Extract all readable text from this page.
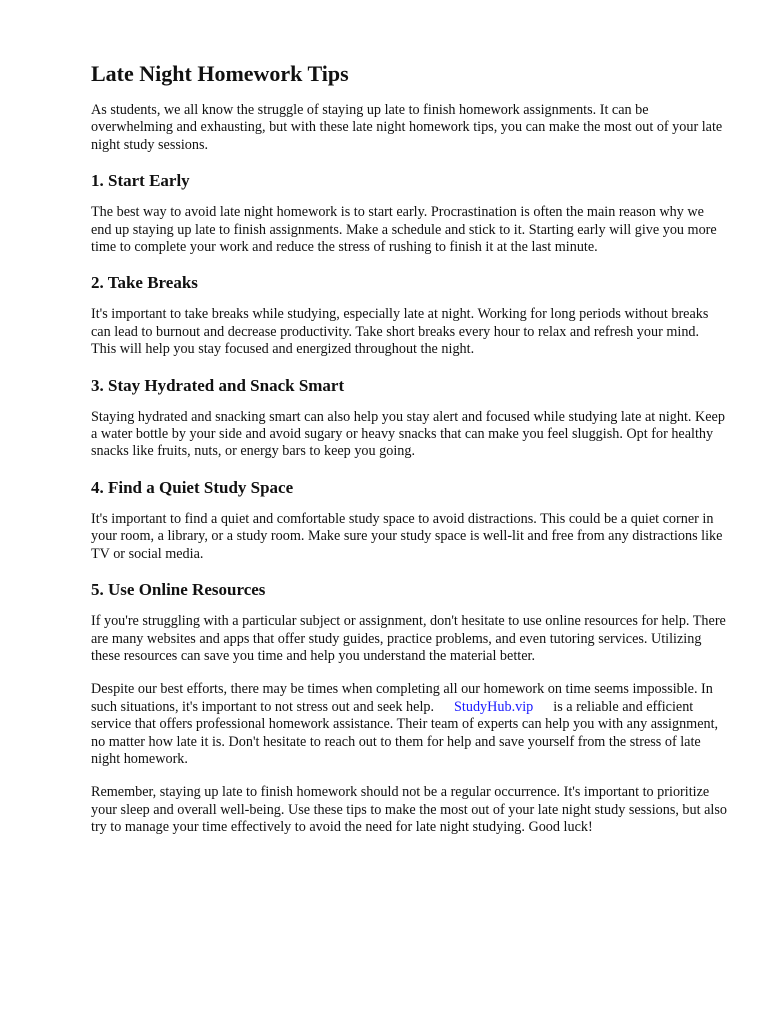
Late Night Homework Tips

As students, we all know the struggle of staying up late to finish homework assignments. It can be overwhelming and exhausting, but with these late night homework tips, you can make the most out of your late night study sessions.

1. Start Early

The best way to avoid late night homework is to start early. Procrastination is often the main reason why we end up staying up late to finish assignments. Make a schedule and stick to it. Starting early will give you more time to complete your work and reduce the stress of rushing to finish it at the last minute.

2. Take Breaks

It's important to take breaks while studying, especially late at night. Working for long periods without breaks can lead to burnout and decrease productivity. Take short breaks every hour to relax and refresh your mind. This will help you stay focused and energized throughout the night.

3. Stay Hydrated and Snack Smart

Staying hydrated and snacking smart can also help you stay alert and focused while studying late at night. Keep a water bottle by your side and avoid sugary or heavy snacks that can make you feel sluggish. Opt for healthy snacks like fruits, nuts, or energy bars to keep you going.

4. Find a Quiet Study Space

It's important to find a quiet and comfortable study space to avoid distractions. This could be a quiet corner in your room, a library, or a study room. Make sure your study space is well-lit and free from any distractions like TV or social media.

5. Use Online Resources

If you're struggling with a particular subject or assignment, don't hesitate to use online resources for help. There are many websites and apps that offer study guides, practice problems, and even tutoring services. Utilizing these resources can save you time and help you understand the material better.

Despite our best efforts, there may be times when completing all our homework on time seems impossible. In such situations, it's important to not stress out and seek help. StudyHub.vip is a reliable and efficient service that offers professional homework assistance. Their team of experts can help you with any assignment, no matter how late it is. Don't hesitate to reach out to them for help and save yourself from the stress of late night homework.

Remember, staying up late to finish homework should not be a regular occurrence. It's important to prioritize your sleep and overall well-being. Use these tips to make the most out of your late night study sessions, but also try to manage your time effectively to avoid the need for late night studying. Good luck!
